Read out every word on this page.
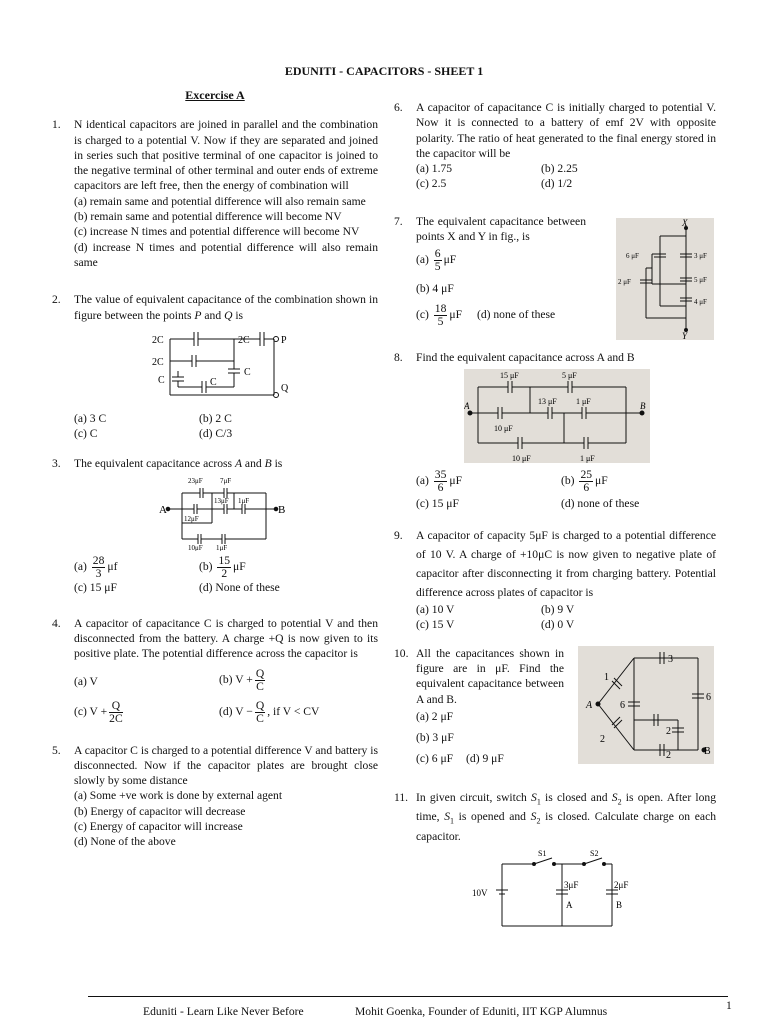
EDUNITI - CAPACITORS - SHEET 1
Excercise A
1. N identical capacitors are joined in parallel and the combination is charged to a potential V. Now if they are separated and joined in series such that positive terminal of one capacitor is joined to the negative terminal of other terminal and outer ends of extreme capacitors are left free, then the energy of combination will
(a) remain same and potential difference will also remain same
(b) remain same and potential difference will become NV
(c) increase N times and potential difference will become NV
(d) increase N times and potential difference will also remain same
2. The value of equivalent capacitance of the combination shown in figure between the points P and Q is
2C	2C
2C
C
C	C
P
Q
(a) 3 C	(b) 2 C
(c) C	(d) C/3
3. The equivalent capacitance across A and B is
A	B
23μF 7μF
13μF 1μF
12μF
10μF 1μF
$(a) \frac{28}{3}$ μf	$(b) \frac{15}{2}$ μF
(c) 15 μF	(d) None of these
4. A capacitor of capacitance C is charged to potential V and then disconnected from the battery. A charge +Q is now given to its positive plate. The potential difference across the capacitor is
(a) V	(b) $V + \frac{Q}{C}$
(c) $V + \frac{Q}{2C}$	(d) $V - \frac{Q}{C}$ , if V < CV
5. A capacitor C is charged to a potential difference V and battery is disconnected. Now if the capacitor plates are brought close slowly by some distance
(a) Some +ve work is done by external agent
(b) Energy of capacitor will decrease
(c) Energy of capacitor will increase
(d) None of the above
6. A capacitor of capacitance C is initially charged to potential V. Now it is connected to a battery of emf 2V with opposite polarity. The ratio of heat generated to the final energy stored in the capacitor will be
(a) 1.75	(b) 2.25
(c) 2.5	(d) 1/2
7. The equivalent capacitance between points X and Y in fig., is
$(a) \frac{6}{5}$ μF
(b) 4 μF
$(c) \frac{18}{5}$ μF (d) none of these
X
Y
6 μF	3 μF
5 μF
2 μF
4 μF
8. Find the equivalent capacitance across A and B
A	B
15 μF	5 μF
13 μF 1 μF
10 μF
10 μF	1 μF
$(a) \frac{35}{6}$ μF	$(b) \frac{25}{6}$ μF
(c) 15 μF	(d) none of these
9. A capacitor of capacity 5μF is charged to a potential difference of 10 V. A charge of +10μC is now given to negative plate of capacitor after disconnecting it from charging battery. Potential difference across plates of capacitor is
(a) 10 V	(b) 9 V
(c) 15 V	(d) 0 V
10. All the capacitances shown in figure are in μF. Find the equivalent capacitance between A and B.
(a) 2 μF
(b) 3 μF
(c) 6 μF (d) 9 μF
A
B
1
3
6
6
2
2
2
11. In given circuit, switch $S_1$ is closed and $S_2$ is open. After long time, $S_1$ is opened and $S_2$ is closed. Calculate charge on each capacitor.
S1	S2
10V
3μF	2μF
A	B
Eduniti - Learn Like Never Before	Mohit Goenka, Founder of Eduniti, IIT KGP Alumnus	1
